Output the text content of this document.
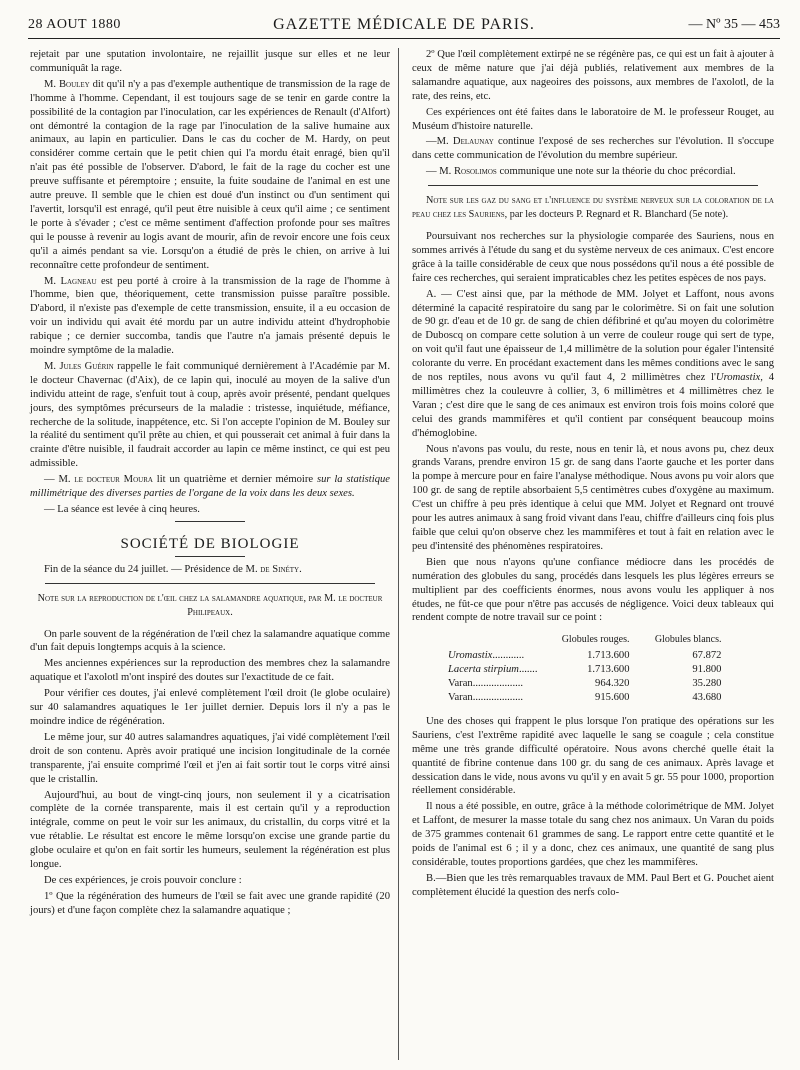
28 AOUT 1880	GAZETTE MÉDICALE DE PARIS.	— Nº 35 — 453

rejetait par une sputation involontaire, ne rejaillit jusque sur elles et ne leur communiquât la rage.

M. Bouley dit qu'il n'y a pas d'exemple authentique de transmission de la rage de l'homme à l'homme. Cependant, il est toujours sage de se tenir en garde contre la possibilité de la contagion par l'inoculation, car les expériences de Renault (d'Alfort) ont démontré la contagion de la rage par l'inoculation de la salive humaine aux animaux, au lapin en particulier. Dans le cas du cocher de M. Hardy, on peut considérer comme certain que le petit chien qui l'a mordu était enragé, bien qu'il n'ait pas été possible de l'observer. D'abord, le fait de la rage du cocher est une preuve suffisante et péremptoire ; ensuite, la fuite soudaine de l'animal en est une autre preuve. Il semble que le chien est doué d'un instinct ou d'un sentiment qui l'avertit, lorsqu'il est enragé, qu'il peut être nuisible à ceux qu'il aime ; ce sentiment le porte à s'évader ; c'est ce même sentiment d'affection profonde pour ses maîtres qui le pousse à revenir au logis avant de mourir, afin de revoir encore une fois ceux qu'il a aimés pendant sa vie. Lorsqu'on a étudié de près le chien, on arrive à lui reconnaître cette profondeur de sentiment.

M. Lagneau est peu porté à croire à la transmission de la rage de l'homme à l'homme, bien que, théoriquement, cette transmission puisse paraître possible. D'abord, il n'existe pas d'exemple de cette transmission, ensuite, il a eu occasion de voir un individu qui avait été mordu par un autre individu atteint d'hydrophobie rabique ; ce dernier succomba, tandis que l'autre n'a jamais présenté depuis le moindre symptôme de la maladie.

M. Jules Guérin rappelle le fait communiqué dernièrement à l'Académie par M. le docteur Chavernac (d'Aix), de ce lapin qui, inoculé au moyen de la salive d'un individu atteint de rage, s'enfuit tout à coup, après avoir présenté, pendant quelques jours, des symptômes précurseurs de la maladie : tristesse, inquiétude, méfiance, recherche de la solitude, inappétence, etc. Si l'on accepte l'opinion de M. Bouley sur la réalité du sentiment qu'il prête au chien, et qui pousserait cet animal à fuir dans la crainte d'être nuisible, il faudrait accorder au lapin ce même instinct, ce qui est peu admissible.

— M. le docteur Moura lit un quatrième et dernier mémoire sur la statistique millimétrique des diverses parties de l'organe de la voix dans les deux sexes.

— La séance est levée à cinq heures.

SOCIÉTÉ DE BIOLOGIE

Fin de la séance du 24 juillet. — Présidence de M. de Sinéty.

Note sur la reproduction de l'œil chez la salamandre aquatique, par M. le docteur Philipeaux.

On parle souvent de la régénération de l'œil chez la salamandre aquatique comme d'un fait depuis longtemps acquis à la science.

Mes anciennes expériences sur la reproduction des membres chez la salamandre aquatique et l'axolotl m'ont inspiré des doutes sur l'exactitude de ce fait.

Pour vérifier ces doutes, j'ai enlevé complètement l'œil droit (le globe oculaire) sur 40 salamandres aquatiques le 1er juillet dernier. Depuis lors il n'y a pas le moindre indice de régénération.

Le même jour, sur 40 autres salamandres aquatiques, j'ai vidé complètement l'œil droit de son contenu. Après avoir pratiqué une incision longitudinale de la cornée transparente, j'ai ensuite comprimé l'œil et j'en ai fait sortir tout le corps vitré ainsi que le cristallin.

Aujourd'hui, au bout de vingt-cinq jours, non seulement il y a cicatrisation complète de la cornée transparente, mais il est certain qu'il y a reproduction intégrale, comme on peut le voir sur les animaux, du cristallin, du corps vitré et la vue rétablie. Le résultat est encore le même lorsqu'on excise une grande partie du globe oculaire et qu'on en fait sortir les humeurs, seulement la régénération est plus longue.

De ces expériences, je crois pouvoir conclure :

1º Que la régénération des humeurs de l'œil se fait avec une grande rapidité (20 jours) et d'une façon complète chez la salamandre aquatique ;

2º Que l'œil complètement extirpé ne se régénère pas, ce qui est un fait à ajouter à ceux de même nature que j'ai déjà publiés, relativement aux membres de la salamandre aquatique, aux nageoires des poissons, aux membres de l'axolotl, de la rate, des reins, etc.

Ces expériences ont été faites dans le laboratoire de M. le professeur Rouget, au Muséum d'histoire naturelle.

—M. Delaunay continue l'exposé de ses recherches sur l'évolution. Il s'occupe dans cette communication de l'évolution du membre supérieur.

— M. Rosolimos communique une note sur la théorie du choc précordial.

Note sur les gaz du sang et l'influence du système nerveux sur la coloration de la peau chez les Sauriens, par les docteurs P. Regnard et R. Blanchard (5e note).

Poursuivant nos recherches sur la physiologie comparée des Sauriens, nous en sommes arrivés à l'étude du sang et du système nerveux de ces animaux. C'est encore grâce à la taille considérable de ceux que nous possédons qu'il nous a été possible de faire ces recherches, qui seraient impraticables chez les petites espèces de nos pays.

A. — C'est ainsi que, par la méthode de MM. Jolyet et Laffont, nous avons déterminé la capacité respiratoire du sang par le colorimètre. Si on fait une solution de 90 gr. d'eau et de 10 gr. de sang de chien défibriné et qu'au moyen du colorimètre de Duboscq on compare cette solution à un verre de couleur rouge qui sert de type, on voit qu'il faut une épaisseur de 1,4 millimètre de la solution pour égaler l'intensité colorante du verre. En procédant exactement dans les mêmes conditions avec le sang de nos reptiles, nous avons vu qu'il faut 4, 2 millimètres chez l'Uromastix, 4 millimètres chez la couleuvre à collier, 3, 6 millimètres et 4 millimètres chez le Varan ; c'est dire que le sang de ces animaux est environ trois fois moins coloré que celui des grands mammifères et qu'il contient par conséquent beaucoup moins d'hémoglobine.

Nous n'avons pas voulu, du reste, nous en tenir là, et nous avons pu, chez deux grands Varans, prendre environ 15 gr. de sang dans l'aorte gauche et les porter dans la pompe à mercure pour en faire l'analyse méthodique. Nous avons pu voir alors que 100 gr. de sang de reptile absorbaient 5,5 centimètres cubes d'oxygène au maximum. C'est un chiffre à peu près identique à celui que MM. Jolyet et Regnard ont trouvé pour les autres animaux à sang froid vivant dans l'eau, chiffre d'ailleurs cinq fois plus faible que celui qu'on observe chez les mammifères et tout à fait en relation avec le peu d'intensité des phénomènes respiratoires.

Bien que nous n'ayons qu'une confiance médiocre dans les procédés de numération des globules du sang, procédés dans lesquels les plus légères erreurs se multiplient par des coefficients énormes, nous avons voulu les appliquer à nos études, ne fût-ce que pour n'être pas accusés de négligence. Voici deux tableaux qui rendent compte de notre travail sur ce point :

	Globules rouges.	Globules blancs.
Uromastix............	1.713.600	67.872
Lacerta stirpium.......	1.713.600	91.800
Varan...................	964.320	35.280
Varan...................	915.600	43.680

Une des choses qui frappent le plus lorsque l'on pratique des opérations sur les Sauriens, c'est l'extrême rapidité avec laquelle le sang se coagule ; cela constitue même une très grande difficulté opératoire. Nous avons cherché quelle était la quantité de fibrine contenue dans 100 gr. du sang de ces animaux. Après lavage et dessication dans le vide, nous avons vu qu'il y en avait 5 gr. 55 pour 1000, proportion réellement considérable.

Il nous a été possible, en outre, grâce à la méthode colorimétrique de MM. Jolyet et Laffont, de mesurer la masse totale du sang chez nos animaux. Un Varan du poids de 375 grammes contenait 61 grammes de sang. Le rapport entre cette quantité et le poids de l'animal est 6 ; il y a donc, chez ces animaux, une quantité de sang plus considérable, toutes proportions gardées, que chez les mammifères.

B.—Bien que les très remarquables travaux de MM. Paul Bert et G. Pouchet aient complètement élucidé la question des nerfs colo-
